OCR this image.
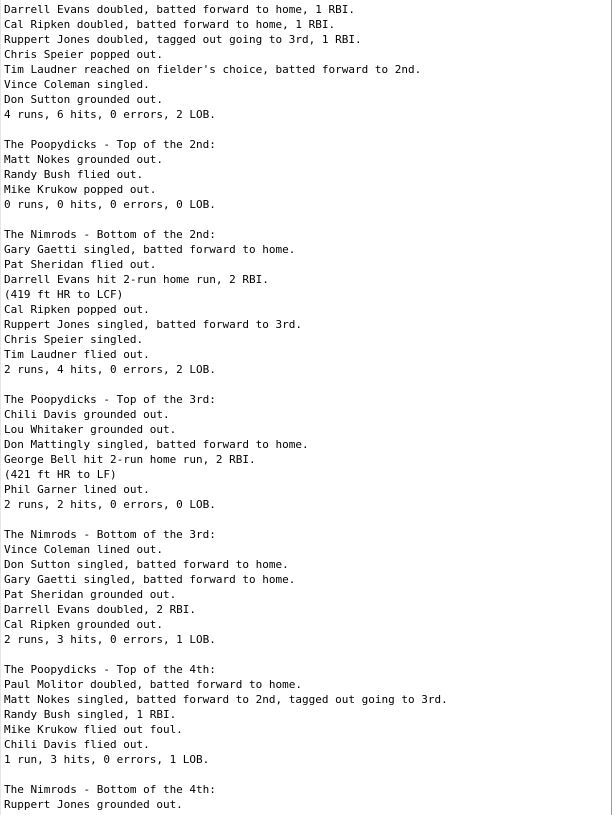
Darrell Evans doubled, batted forward to home, 1 RBI.
Cal Ripken doubled, batted forward to home, 1 RBI.
Ruppert Jones doubled, tagged out going to 3rd, 1 RBI.
Chris Speier popped out.
Tim Laudner reached on fielder's choice, batted forward to 2nd.
Vince Coleman singled.
Don Sutton grounded out.
4 runs, 6 hits, 0 errors, 2 LOB.
The Poopydicks - Top of the 2nd:
Matt Nokes grounded out.
Randy Bush flied out.
Mike Krukow popped out.
0 runs, 0 hits, 0 errors, 0 LOB.
The Nimrods - Bottom of the 2nd:
Gary Gaetti singled, batted forward to home.
Pat Sheridan flied out.
Darrell Evans hit 2-run home run, 2 RBI.
(419 ft HR to LCF)
Cal Ripken popped out.
Ruppert Jones singled, batted forward to 3rd.
Chris Speier singled.
Tim Laudner flied out.
2 runs, 4 hits, 0 errors, 2 LOB.
The Poopydicks - Top of the 3rd:
Chili Davis grounded out.
Lou Whitaker grounded out.
Don Mattingly singled, batted forward to home.
George Bell hit 2-run home run, 2 RBI.
(421 ft HR to LF)
Phil Garner lined out.
2 runs, 2 hits, 0 errors, 0 LOB.
The Nimrods - Bottom of the 3rd:
Vince Coleman lined out.
Don Sutton singled, batted forward to home.
Gary Gaetti singled, batted forward to home.
Pat Sheridan grounded out.
Darrell Evans doubled, 2 RBI.
Cal Ripken grounded out.
2 runs, 3 hits, 0 errors, 1 LOB.
The Poopydicks - Top of the 4th:
Paul Molitor doubled, batted forward to home.
Matt Nokes singled, batted forward to 2nd, tagged out going to 3rd.
Randy Bush singled, 1 RBI.
Mike Krukow flied out foul.
Chili Davis flied out.
1 run, 3 hits, 0 errors, 1 LOB.
The Nimrods - Bottom of the 4th:
Ruppert Jones grounded out.
